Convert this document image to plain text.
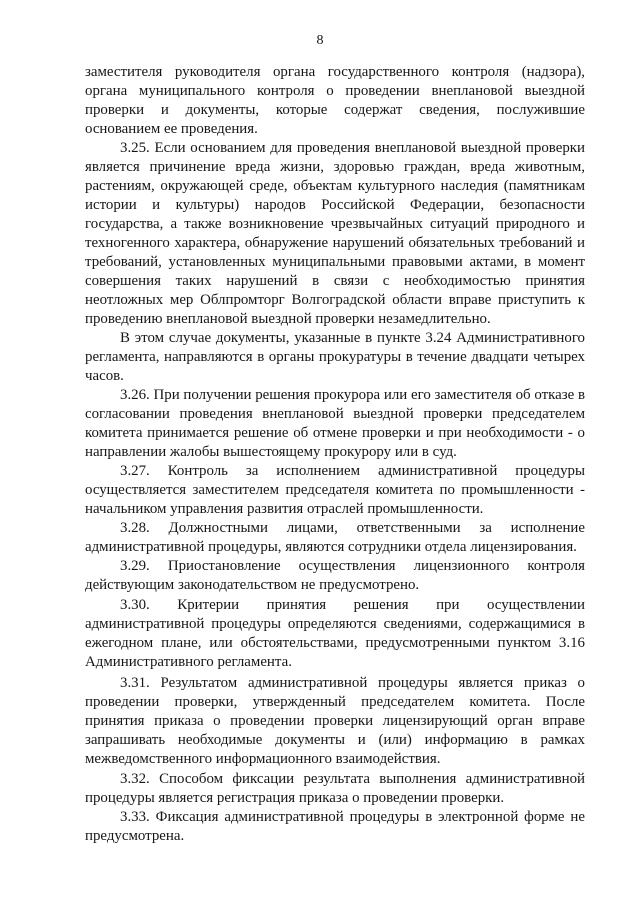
8

заместителя руководителя органа государственного контроля (надзора), органа муниципального контроля о проведении внеплановой выездной проверки и документы, которые содержат сведения, послужившие основанием ее проведения.

3.25. Если основанием для проведения внеплановой выездной проверки является причинение вреда жизни, здоровью граждан, вреда животным, растениям, окружающей среде, объектам культурного наследия (памятникам истории и культуры) народов Российской Федерации, безопасности государства, а также возникновение чрезвычайных ситуаций природного и техногенного характера, обнаружение нарушений обязательных требований и требований, установленных муниципальными правовыми актами, в момент совершения таких нарушений в связи с необходимостью принятия неотложных мер Облпромторг Волгоградской области вправе приступить к проведению внеплановой выездной проверки незамедлительно.

В этом случае документы, указанные в пункте 3.24 Административного регламента, направляются в органы прокуратуры в течение двадцати четырех часов.

3.26. При получении решения прокурора или его заместителя об отказе в согласовании проведения внеплановой выездной проверки председателем комитета принимается решение об отмене проверки и при необходимости - о направлении жалобы вышестоящему прокурору или в суд.

3.27. Контроль за исполнением административной процедуры осуществляется заместителем председателя комитета по промышленности - начальником управления развития отраслей промышленности.

3.28. Должностными лицами, ответственными за исполнение административной процедуры, являются сотрудники отдела лицензирования.

3.29. Приостановление осуществления лицензионного контроля действующим законодательством не предусмотрено.

3.30. Критерии принятия решения при осуществлении административной процедуры определяются сведениями, содержащимися в ежегодном плане, или обстоятельствами, предусмотренными пунктом 3.16 Административного регламента.

3.31. Результатом административной процедуры является приказ о проведении проверки, утвержденный председателем комитета. После принятия приказа о проведении проверки лицензирующий орган вправе запрашивать необходимые документы и (или) информацию в рамках межведомственного информационного взаимодействия.

3.32. Способом фиксации результата выполнения административной процедуры является регистрация приказа о проведении проверки.

3.33. Фиксация административной процедуры в электронной форме не предусмотрена.
